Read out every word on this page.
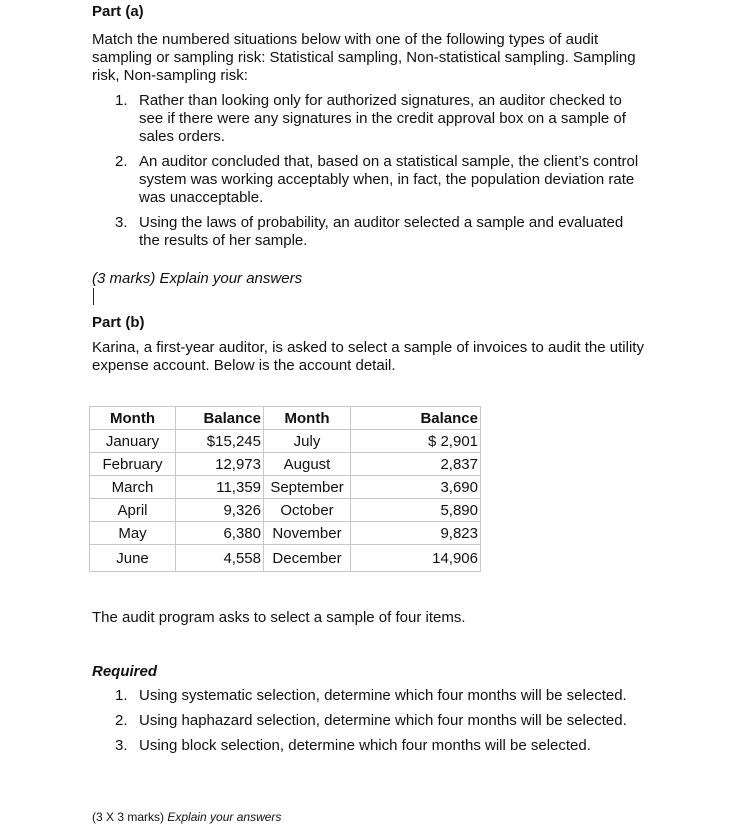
Part (a)

Match the numbered situations below with one of the following types of audit sampling or sampling risk: Statistical sampling, Non-statistical sampling. Sampling risk, Non-sampling risk:

1. Rather than looking only for authorized signatures, an auditor checked to see if there were any signatures in the credit approval box on a sample of sales orders.
2. An auditor concluded that, based on a statistical sample, the client’s control system was working acceptably when, in fact, the population deviation rate was unacceptable.
3. Using the laws of probability, an auditor selected a sample and evaluated the results of her sample.

(3 marks) Explain your answers

Part (b)

Karina, a first-year auditor, is asked to select a sample of invoices to audit the utility expense account. Below is the account detail.

Month	Balance	Month	Balance
January	$15,245	July	$ 2,901
February	12,973	August	2,837
March	11,359	September	3,690
April	9,326	October	5,890
May	6,380	November	9,823
June	4,558	December	14,906

The audit program asks to select a sample of four items.

Required
1. Using systematic selection, determine which four months will be selected.
2. Using haphazard selection, determine which four months will be selected.
3. Using block selection, determine which four months will be selected.

(3 X 3 marks) Explain your answers
